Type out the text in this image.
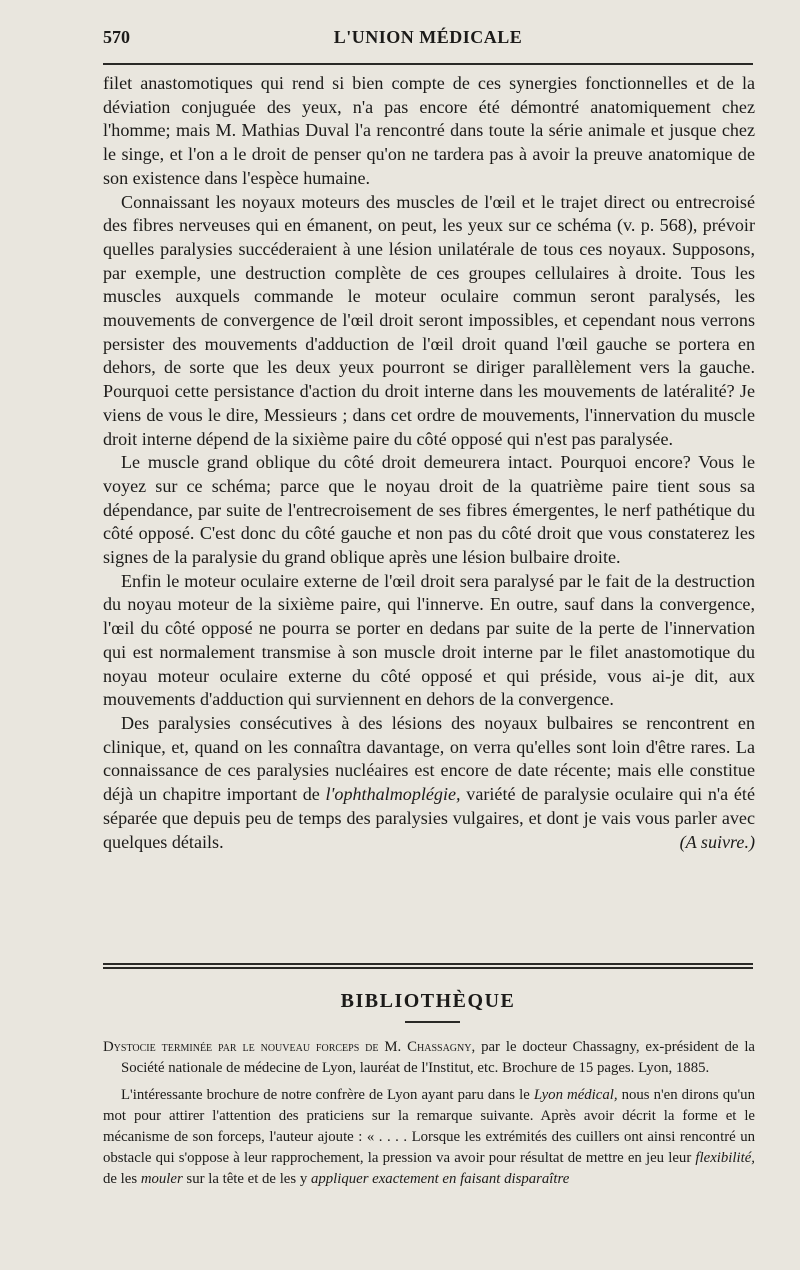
570	L'UNION MÉDICALE

filet anastomotiques qui rend si bien compte de ces synergies fonctionnelles et de la déviation conjuguée des yeux, n'a pas encore été démontré anatomiquement chez l'homme; mais M. Mathias Duval l'a rencontré dans toute la série animale et jusque chez le singe, et l'on a le droit de penser qu'on ne tardera pas à avoir la preuve anatomique de son existence dans l'espèce humaine.

Connaissant les noyaux moteurs des muscles de l'œil et le trajet direct ou entrecroisé des fibres nerveuses qui en émanent, on peut, les yeux sur ce schéma (v. p. 568), prévoir quelles paralysies succéderaient à une lésion unilatérale de tous ces noyaux. Supposons, par exemple, une destruction complète de ces groupes cellulaires à droite. Tous les muscles auxquels commande le moteur oculaire commun seront paralysés, les mouvements de convergence de l'œil droit seront impossibles, et cependant nous verrons persister des mouvements d'adduction de l'œil droit quand l'œil gauche se portera en dehors, de sorte que les deux yeux pourront se diriger parallèlement vers la gauche. Pourquoi cette persistance d'action du droit interne dans les mouvements de latéralité? Je viens de vous le dire, Messieurs ; dans cet ordre de mouvements, l'innervation du muscle droit interne dépend de la sixième paire du côté opposé qui n'est pas paralysée.

Le muscle grand oblique du côté droit demeurera intact. Pourquoi encore? Vous le voyez sur ce schéma; parce que le noyau droit de la quatrième paire tient sous sa dépendance, par suite de l'entrecroisement de ses fibres émergentes, le nerf pathétique du côté opposé. C'est donc du côté gauche et non pas du côté droit que vous constaterez les signes de la paralysie du grand oblique après une lésion bulbaire droite.

Enfin le moteur oculaire externe de l'œil droit sera paralysé par le fait de la destruction du noyau moteur de la sixième paire, qui l'innerve. En outre, sauf dans la convergence, l'œil du côté opposé ne pourra se porter en dedans par suite de la perte de l'innervation qui est normalement transmise à son muscle droit interne par le filet anastomotique du noyau moteur oculaire externe du côté opposé et qui préside, vous ai-je dit, aux mouvements d'adduction qui surviennent en dehors de la convergence.

Des paralysies consécutives à des lésions des noyaux bulbaires se rencontrent en clinique, et, quand on les connaîtra davantage, on verra qu'elles sont loin d'être rares. La connaissance de ces paralysies nucléaires est encore de date récente; mais elle constitue déjà un chapitre important de l'ophthalmoplégie, variété de paralysie oculaire qui n'a été séparée que depuis peu de temps des paralysies vulgaires, et dont je vais vous parler avec quelques détails.	(A suivre.)

BIBLIOTHÈQUE

Dystocie terminée par le nouveau forceps de M. Chassagny, par le docteur Chassagny, ex-président de la Société nationale de médecine de Lyon, lauréat de l'Institut, etc. Brochure de 15 pages. Lyon, 1885.

L'intéressante brochure de notre confrère de Lyon ayant paru dans le Lyon médical, nous n'en dirons qu'un mot pour attirer l'attention des praticiens sur la remarque suivante. Après avoir décrit la forme et le mécanisme de son forceps, l'auteur ajoute : « . . . . Lorsque les extrémités des cuillers ont ainsi rencontré un obstacle qui s'oppose à leur rapprochement, la pression va avoir pour résultat de mettre en jeu leur flexibilité, de les mouler sur la tête et de les y appliquer exactement en faisant disparaître
